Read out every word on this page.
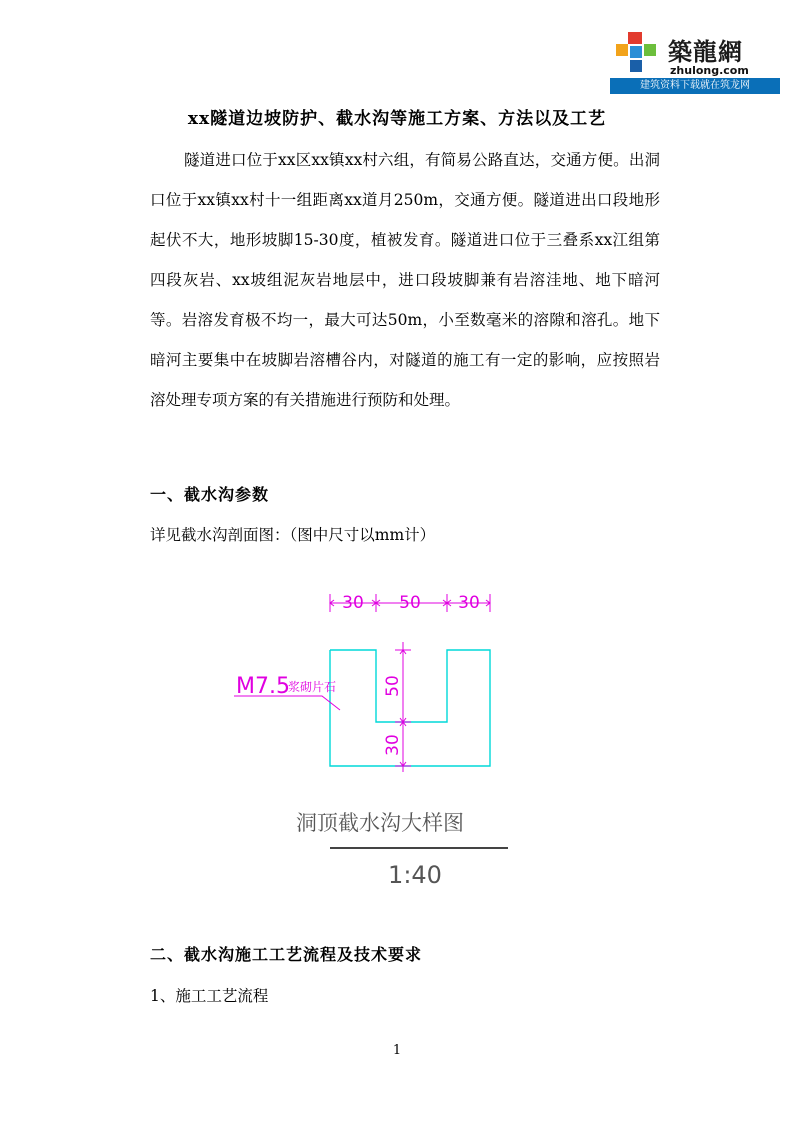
築龍網
zhulong.com
建筑资料下载就在筑龙网
xx隧道边坡防护、截水沟等施工方案、方法以及工艺

隧道进口位于xx区xx镇xx村六组，有简易公路直达，交通方便。出洞口位于xx镇xx村十一组距离xx道月250m，交通方便。隧道进出口段地形起伏不大，地形坡脚15-30度，植被发育。隧道进口位于三叠系xx江组第四段灰岩、xx坡组泥灰岩地层中，进口段坡脚兼有岩溶洼地、地下暗河等。岩溶发育极不均一，最大可达50m，小至数毫米的溶隙和溶孔。地下暗河主要集中在坡脚岩溶槽谷内，对隧道的施工有一定的影响，应按照岩溶处理专项方案的有关措施进行预防和处理。

一、截水沟参数
详见截水沟剖面图：（图中尺寸以mm计）
30 50 30
50
30
M7.5
浆砌片石
洞顶截水沟大样图
1:40
二、截水沟施工工艺流程及技术要求
1、施工工艺流程
1
